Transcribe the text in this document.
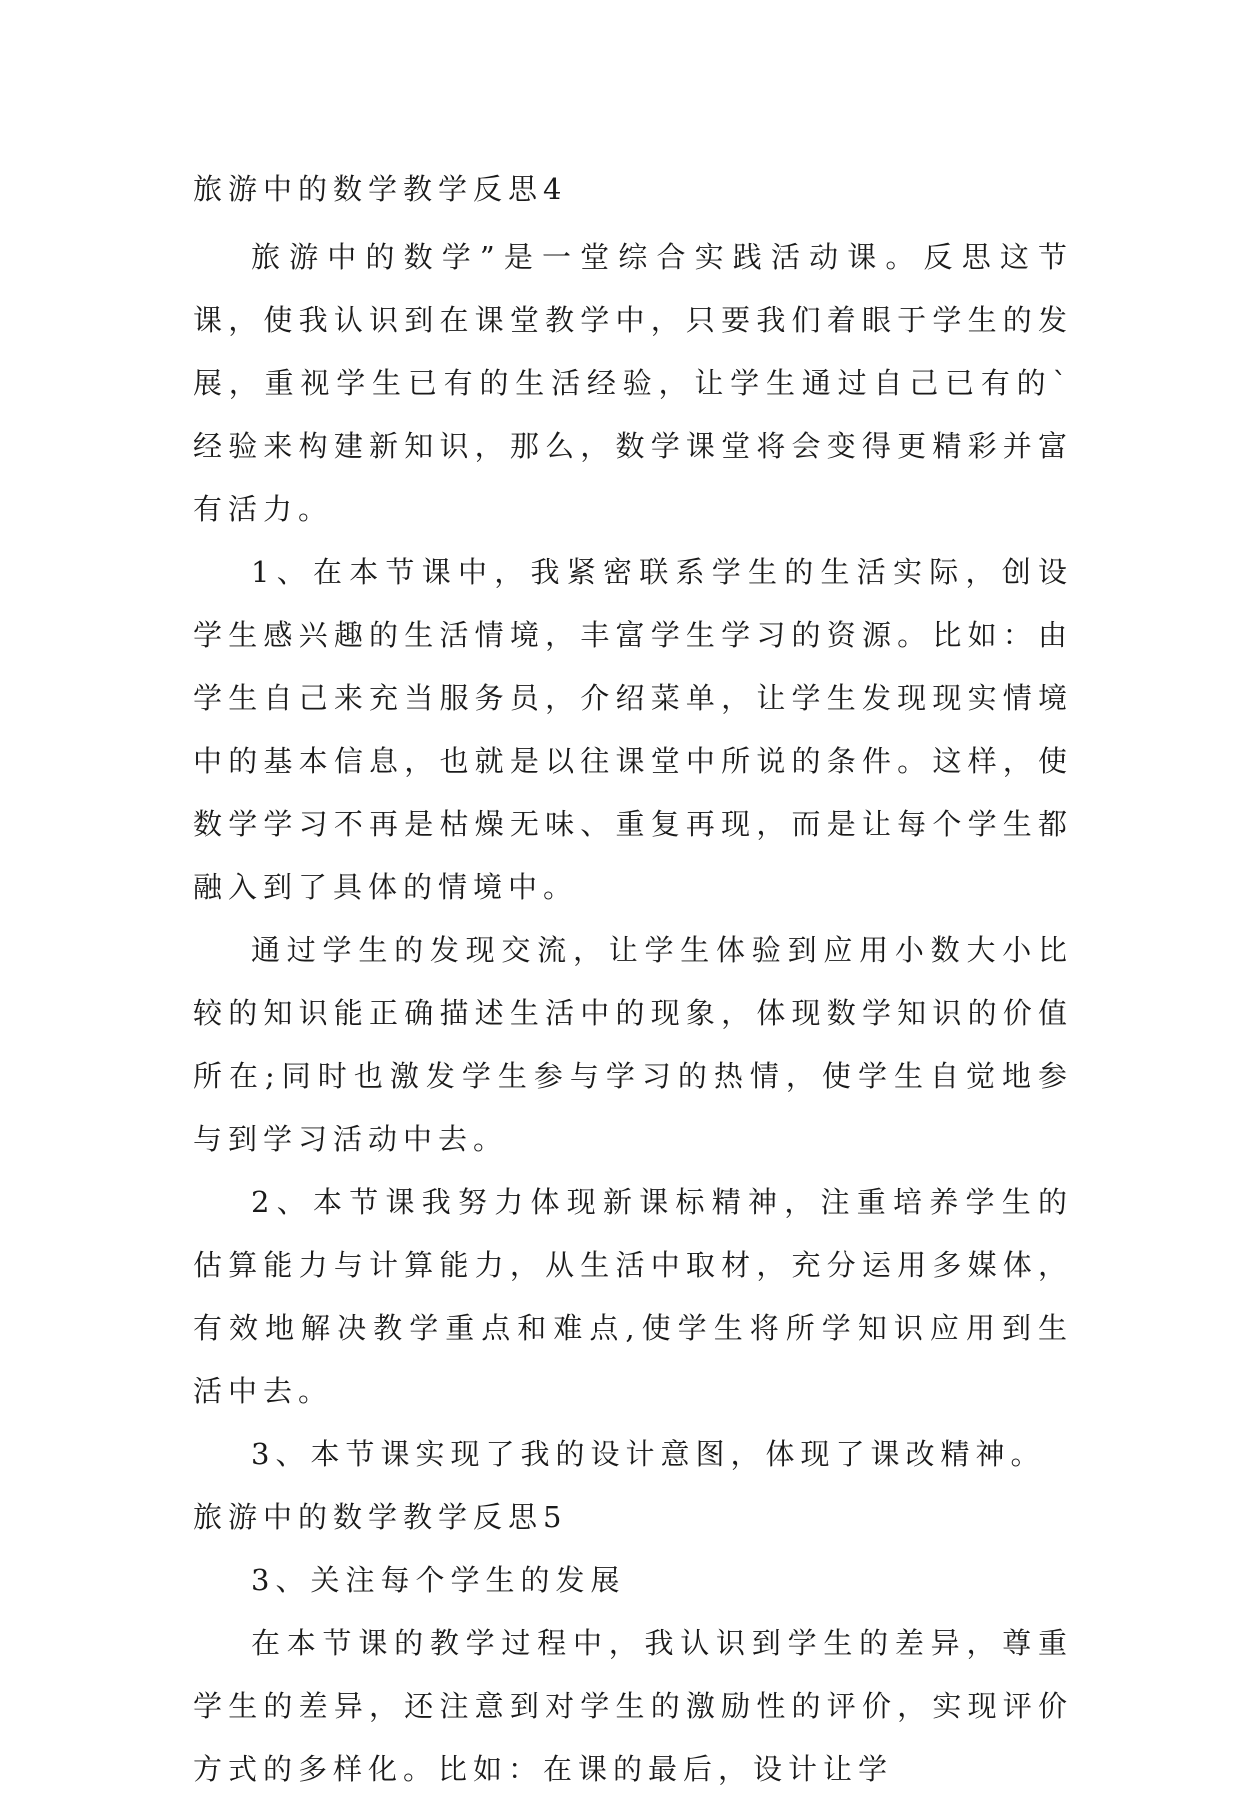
旅游中的数学教学反思4

旅游中的数学”是一堂综合实践活动课。反思这节课，使我认识到在课堂教学中，只要我们着眼于学生的发展，重视学生已有的生活经验，让学生通过自己已有的`经验来构建新知识，那么，数学课堂将会变得更精彩并富有活力。

1、在本节课中，我紧密联系学生的生活实际，创设学生感兴趣的生活情境，丰富学生学习的资源。比如：由学生自己来充当服务员，介绍菜单，让学生发现现实情境中的基本信息，也就是以往课堂中所说的条件。这样，使数学学习不再是枯燥无味、重复再现，而是让每个学生都融入到了具体的情境中。

通过学生的发现交流，让学生体验到应用小数大小比较的知识能正确描述生活中的现象，体现数学知识的价值所在;同时也激发学生参与学习的热情，使学生自觉地参与到学习活动中去。

2、本节课我努力体现新课标精神，注重培养学生的估算能力与计算能力，从生活中取材，充分运用多媒体，有效地解决教学重点和难点,使学生将所学知识应用到生活中去。

3、本节课实现了我的设计意图，体现了课改精神。

旅游中的数学教学反思5

3、关注每个学生的发展

在本节课的教学过程中，我认识到学生的差异，尊重学生的差异，还注意到对学生的激励性的评价，实现评价方式的多样化。比如：在课的最后，设计让学
